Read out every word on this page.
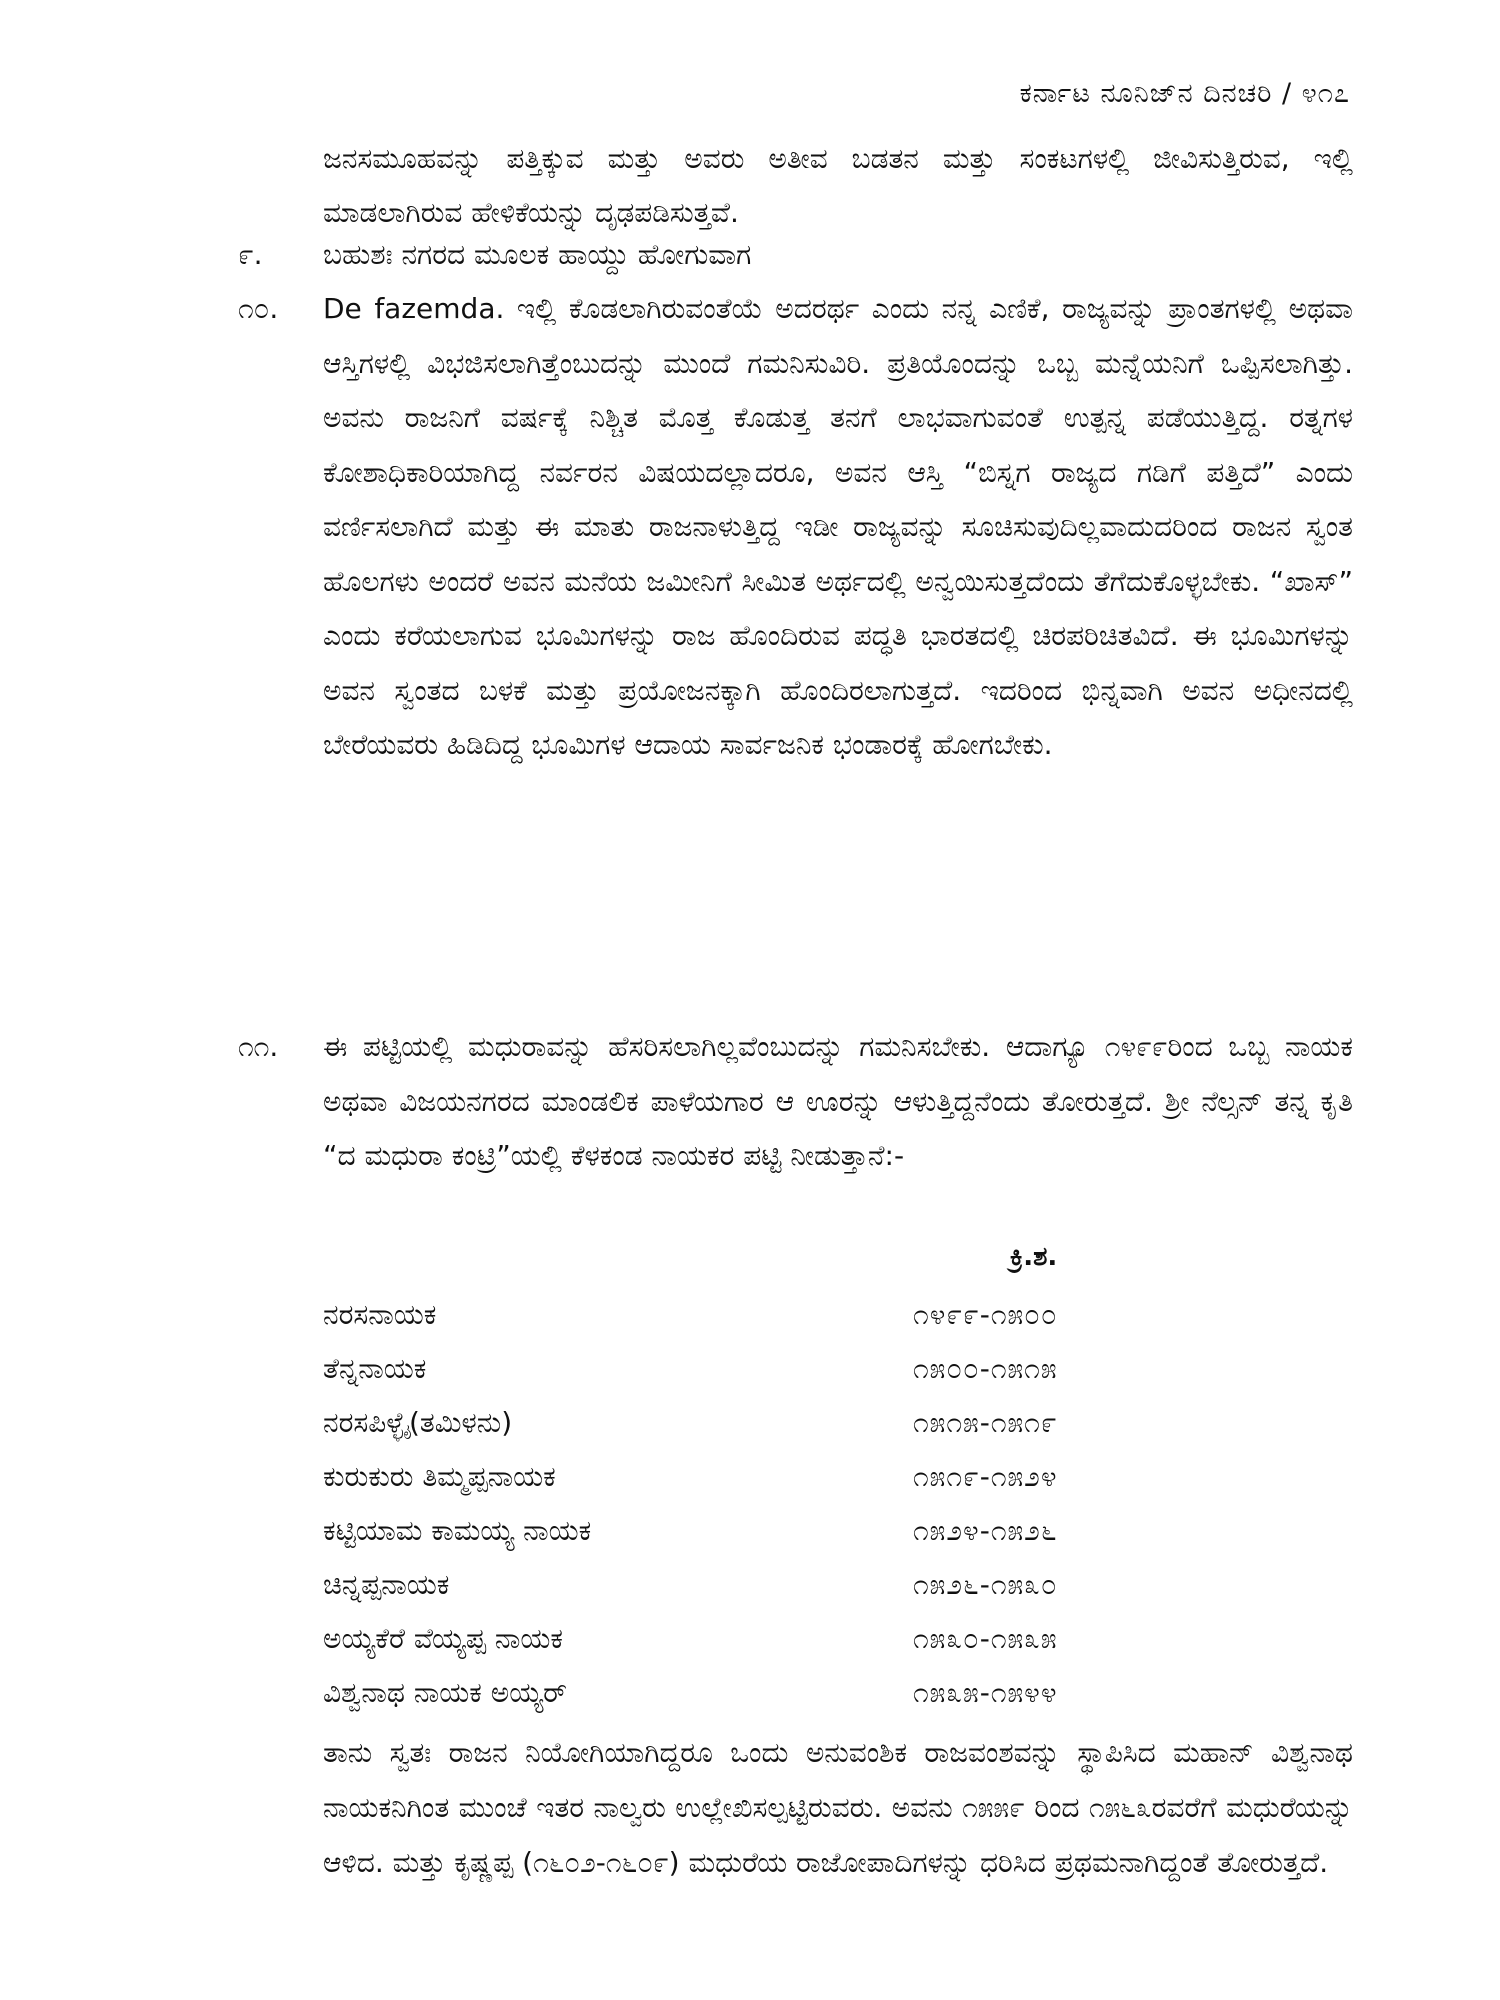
ಕರ್ನಾಟ ನೂನಿಜ್‌ನ ದಿನಚರಿ / ೪೧೭
ಜನಸಮೂಹವನ್ನು ಪತ್ತಿಕ್ಕುವ ಮತ್ತು ಅವರು ಅತೀವ ಬಡತನ ಮತ್ತು ಸಂಕಟಗಳಲ್ಲಿ ಜೀವಿಸುತ್ತಿರುವ, ಇಲ್ಲಿ ಮಾಡಲಾಗಿರುವ ಹೇಳಿಕೆಯನ್ನು ದೃಢಪಡಿಸುತ್ತವೆ.
೯. ಬಹುಶಃ ನಗರದ ಮೂಲಕ ಹಾಯ್ದು ಹೋಗುವಾಗ
೧೦. De fazemda. ಇಲ್ಲಿ ಕೊಡಲಾಗಿರುವಂತೆಯೆ ಅದರರ್ಥ ಎಂದು ನನ್ನ ಎಣಿಕೆ, ರಾಜ್ಯವನ್ನು ಪ್ರಾಂತಗಳಲ್ಲಿ ಅಥವಾ ಆಸ್ತಿಗಳಲ್ಲಿ ವಿಭಜಿಸಲಾಗಿತ್ತೆಂಬುದನ್ನು ಮುಂದೆ ಗಮನಿಸುವಿರಿ. ಪ್ರತಿಯೊಂದನ್ನು ಒಬ್ಬ ಮನ್ನೆಯನಿಗೆ ಒಪ್ಪಿಸಲಾಗಿತ್ತು. ಅವನು ರಾಜನಿಗೆ ವರ್ಷಕ್ಕೆ ನಿಶ್ಚಿತ ಮೊತ್ತ ಕೊಡುತ್ತ ತನಗೆ ಲಾಭವಾಗುವಂತೆ ಉತ್ಪನ್ನ ಪಡೆಯುತ್ತಿದ್ದ. ರತ್ನಗಳ ಕೋಶಾಧಿಕಾರಿಯಾಗಿದ್ದ ನರ್ವರನ ವಿಷಯದಲ್ಲಾದರೂ, ಅವನ ಆಸ್ತಿ “ಬಿಸ್ನಗ ರಾಜ್ಯದ ಗಡಿಗೆ ಪತ್ತಿದೆ” ಎಂದು ವರ್ಣಿಸಲಾಗಿದೆ ಮತ್ತು ಈ ಮಾತು ರಾಜನಾಳುತ್ತಿದ್ದ ಇಡೀ ರಾಜ್ಯವನ್ನು ಸೂಚಿಸುವುದಿಲ್ಲವಾದುದರಿಂದ ರಾಜನ ಸ್ವಂತ ಹೊಲಗಳು ಅಂದರೆ ಅವನ ಮನೆಯ ಜಮೀನಿಗೆ ಸೀಮಿತ ಅರ್ಥದಲ್ಲಿ ಅನ್ವಯಿಸುತ್ತದೆಂದು ತೆಗೆದುಕೊಳ್ಳಬೇಕು. “ಖಾಸ್” ಎಂದು ಕರೆಯಲಾಗುವ ಭೂಮಿಗಳನ್ನು ರಾಜ ಹೊಂದಿರುವ ಪದ್ಧತಿ ಭಾರತದಲ್ಲಿ ಚಿರಪರಿಚಿತವಿದೆ. ಈ ಭೂಮಿಗಳನ್ನು ಅವನ ಸ್ವಂತದ ಬಳಕೆ ಮತ್ತು ಪ್ರಯೋಜನಕ್ಕಾಗಿ ಹೊಂದಿರಲಾಗುತ್ತದೆ. ಇದರಿಂದ ಭಿನ್ನವಾಗಿ ಅವನ ಅಧೀನದಲ್ಲಿ ಬೇರೆಯವರು ಹಿಡಿದಿದ್ದ ಭೂಮಿಗಳ ಆದಾಯ ಸಾರ್ವಜನಿಕ ಭಂಡಾರಕ್ಕೆ ಹೋಗಬೇಕು.
೧೧. ಈ ಪಟ್ಟಿಯಲ್ಲಿ ಮಧುರಾವನ್ನು ಹೆಸರಿಸಲಾಗಿಲ್ಲವೆಂಬುದನ್ನು ಗಮನಿಸಬೇಕು. ಆದಾಗ್ಯೂ ೧೪೯೯ರಿಂದ ಒಬ್ಬ ನಾಯಕ ಅಥವಾ ವಿಜಯನಗರದ ಮಾಂಡಲಿಕ ಪಾಳೆಯಗಾರ ಆ ಊರನ್ನು ಆಳುತ್ತಿದ್ದನೆಂದು ತೋರುತ್ತದೆ. ಶ್ರೀ ನೆಲ್ಸನ್ ತನ್ನ ಕೃತಿ “ದ ಮಧುರಾ ಕಂಟ್ರಿ”ಯಲ್ಲಿ ಕೆಳಕಂಡ ನಾಯಕರ ಪಟ್ಟಿ ನೀಡುತ್ತಾನೆ:-
ಕ್ರಿ.ಶ.
ನರಸನಾಯಕ	೧೪೯೯-೧೫೦೦
ತೆನ್ನನಾಯಕ	೧೫೦೦-೧೫೧೫
ನರಸಪಿಳ್ಳೈ(ತಮಿಳನು)	೧೫೧೫-೧೫೧೯
ಕುರುಕುರು ತಿಮ್ಮಪ್ಪನಾಯಕ	೧೫೧೯-೧೫೨೪
ಕಟ್ಟಿಯಾಮ ಕಾಮಯ್ಯ ನಾಯಕ	೧೫೨೪-೧೫೨೬
ಚಿನ್ನಪ್ಪನಾಯಕ	೧೫೨೬-೧೫೩೦
ಅಯ್ಯಕೆರೆ ವೆಯ್ಯಪ್ಪ ನಾಯಕ	೧೫೩೦-೧೫೩೫
ವಿಶ್ವನಾಥ ನಾಯಕ ಅಯ್ಯರ್	೧೫೩೫-೧೫೪೪
ತಾನು ಸ್ವತಃ ರಾಜನ ನಿಯೋಗಿಯಾಗಿದ್ದರೂ ಒಂದು ಅನುವಂಶಿಕ ರಾಜವಂಶವನ್ನು ಸ್ಥಾಪಿಸಿದ ಮಹಾನ್ ವಿಶ್ವನಾಥ ನಾಯಕನಿಗಿಂತ ಮುಂಚೆ ಇತರ ನಾಲ್ವರು ಉಲ್ಲೇಖಿಸಲ್ಪಟ್ಟಿರುವರು. ಅವನು ೧೫೫೯ ರಿಂದ ೧೫೬೩ರವರೆಗೆ ಮಧುರೆಯನ್ನು ಆಳಿದ. ಮತ್ತು ಕೃಷ್ಣಪ್ಪ (೧೬೦೨-೧೬೦೯) ಮಧುರೆಯ ರಾಜೋಪಾದಿಗಳನ್ನು ಧರಿಸಿದ ಪ್ರಥಮನಾಗಿದ್ದಂತೆ ತೋರುತ್ತದೆ.
